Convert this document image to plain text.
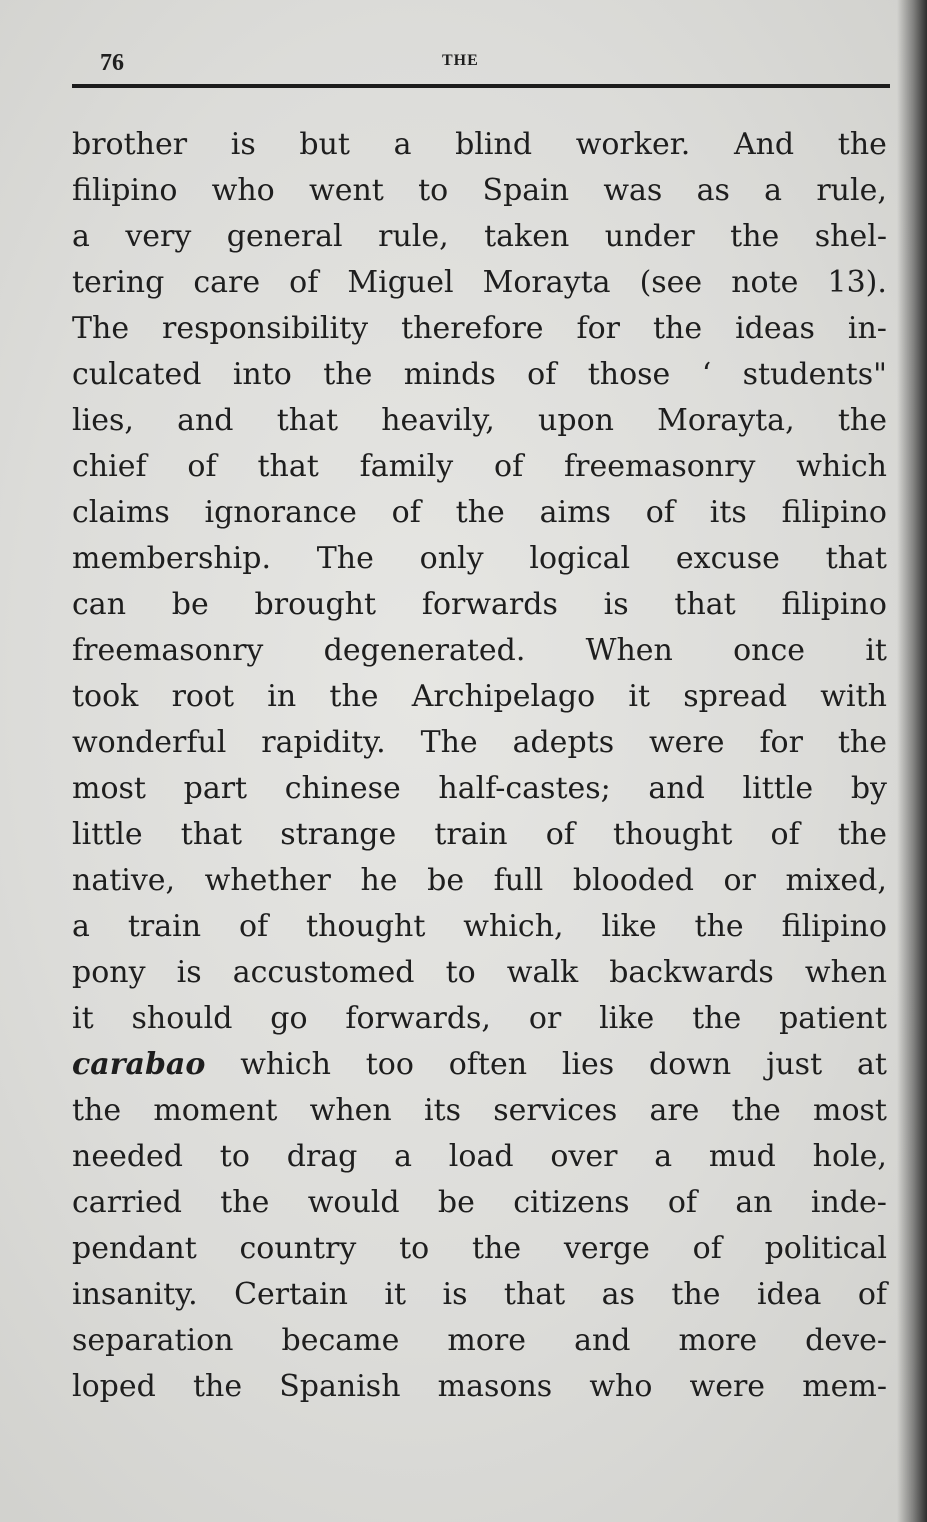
76	THE
brother is but a blind worker. And the
filipino who went to Spain was as a rule,
a very general rule, taken under the shel-
tering care of Miguel Morayta (see note 13).
The responsibility therefore for the ideas in-
culcated into the minds of those ‘ students"
lies, and that heavily, upon Morayta, the
chief of that family of freemasonry which
claims ignorance of the aims of its filipino
membership. The only logical excuse that
can be brought forwards is that filipino
freemasonry degenerated. When once it
took root in the Archipelago it spread with
wonderful rapidity. The adepts were for the
most part chinese half-castes; and little by
little that strange train of thought of the
native, whether he be full blooded or mixed,
a train of thought which, like the filipino
pony is accustomed to walk backwards when
it should go forwards, or like the patient
carabao which too often lies down just at
the moment when its services are the most
needed to drag a load over a mud hole,
carried the would be citizens of an inde-
pendant country to the verge of political
insanity. Certain it is that as the idea of
separation became more and more deve-
loped the Spanish masons who were mem-
